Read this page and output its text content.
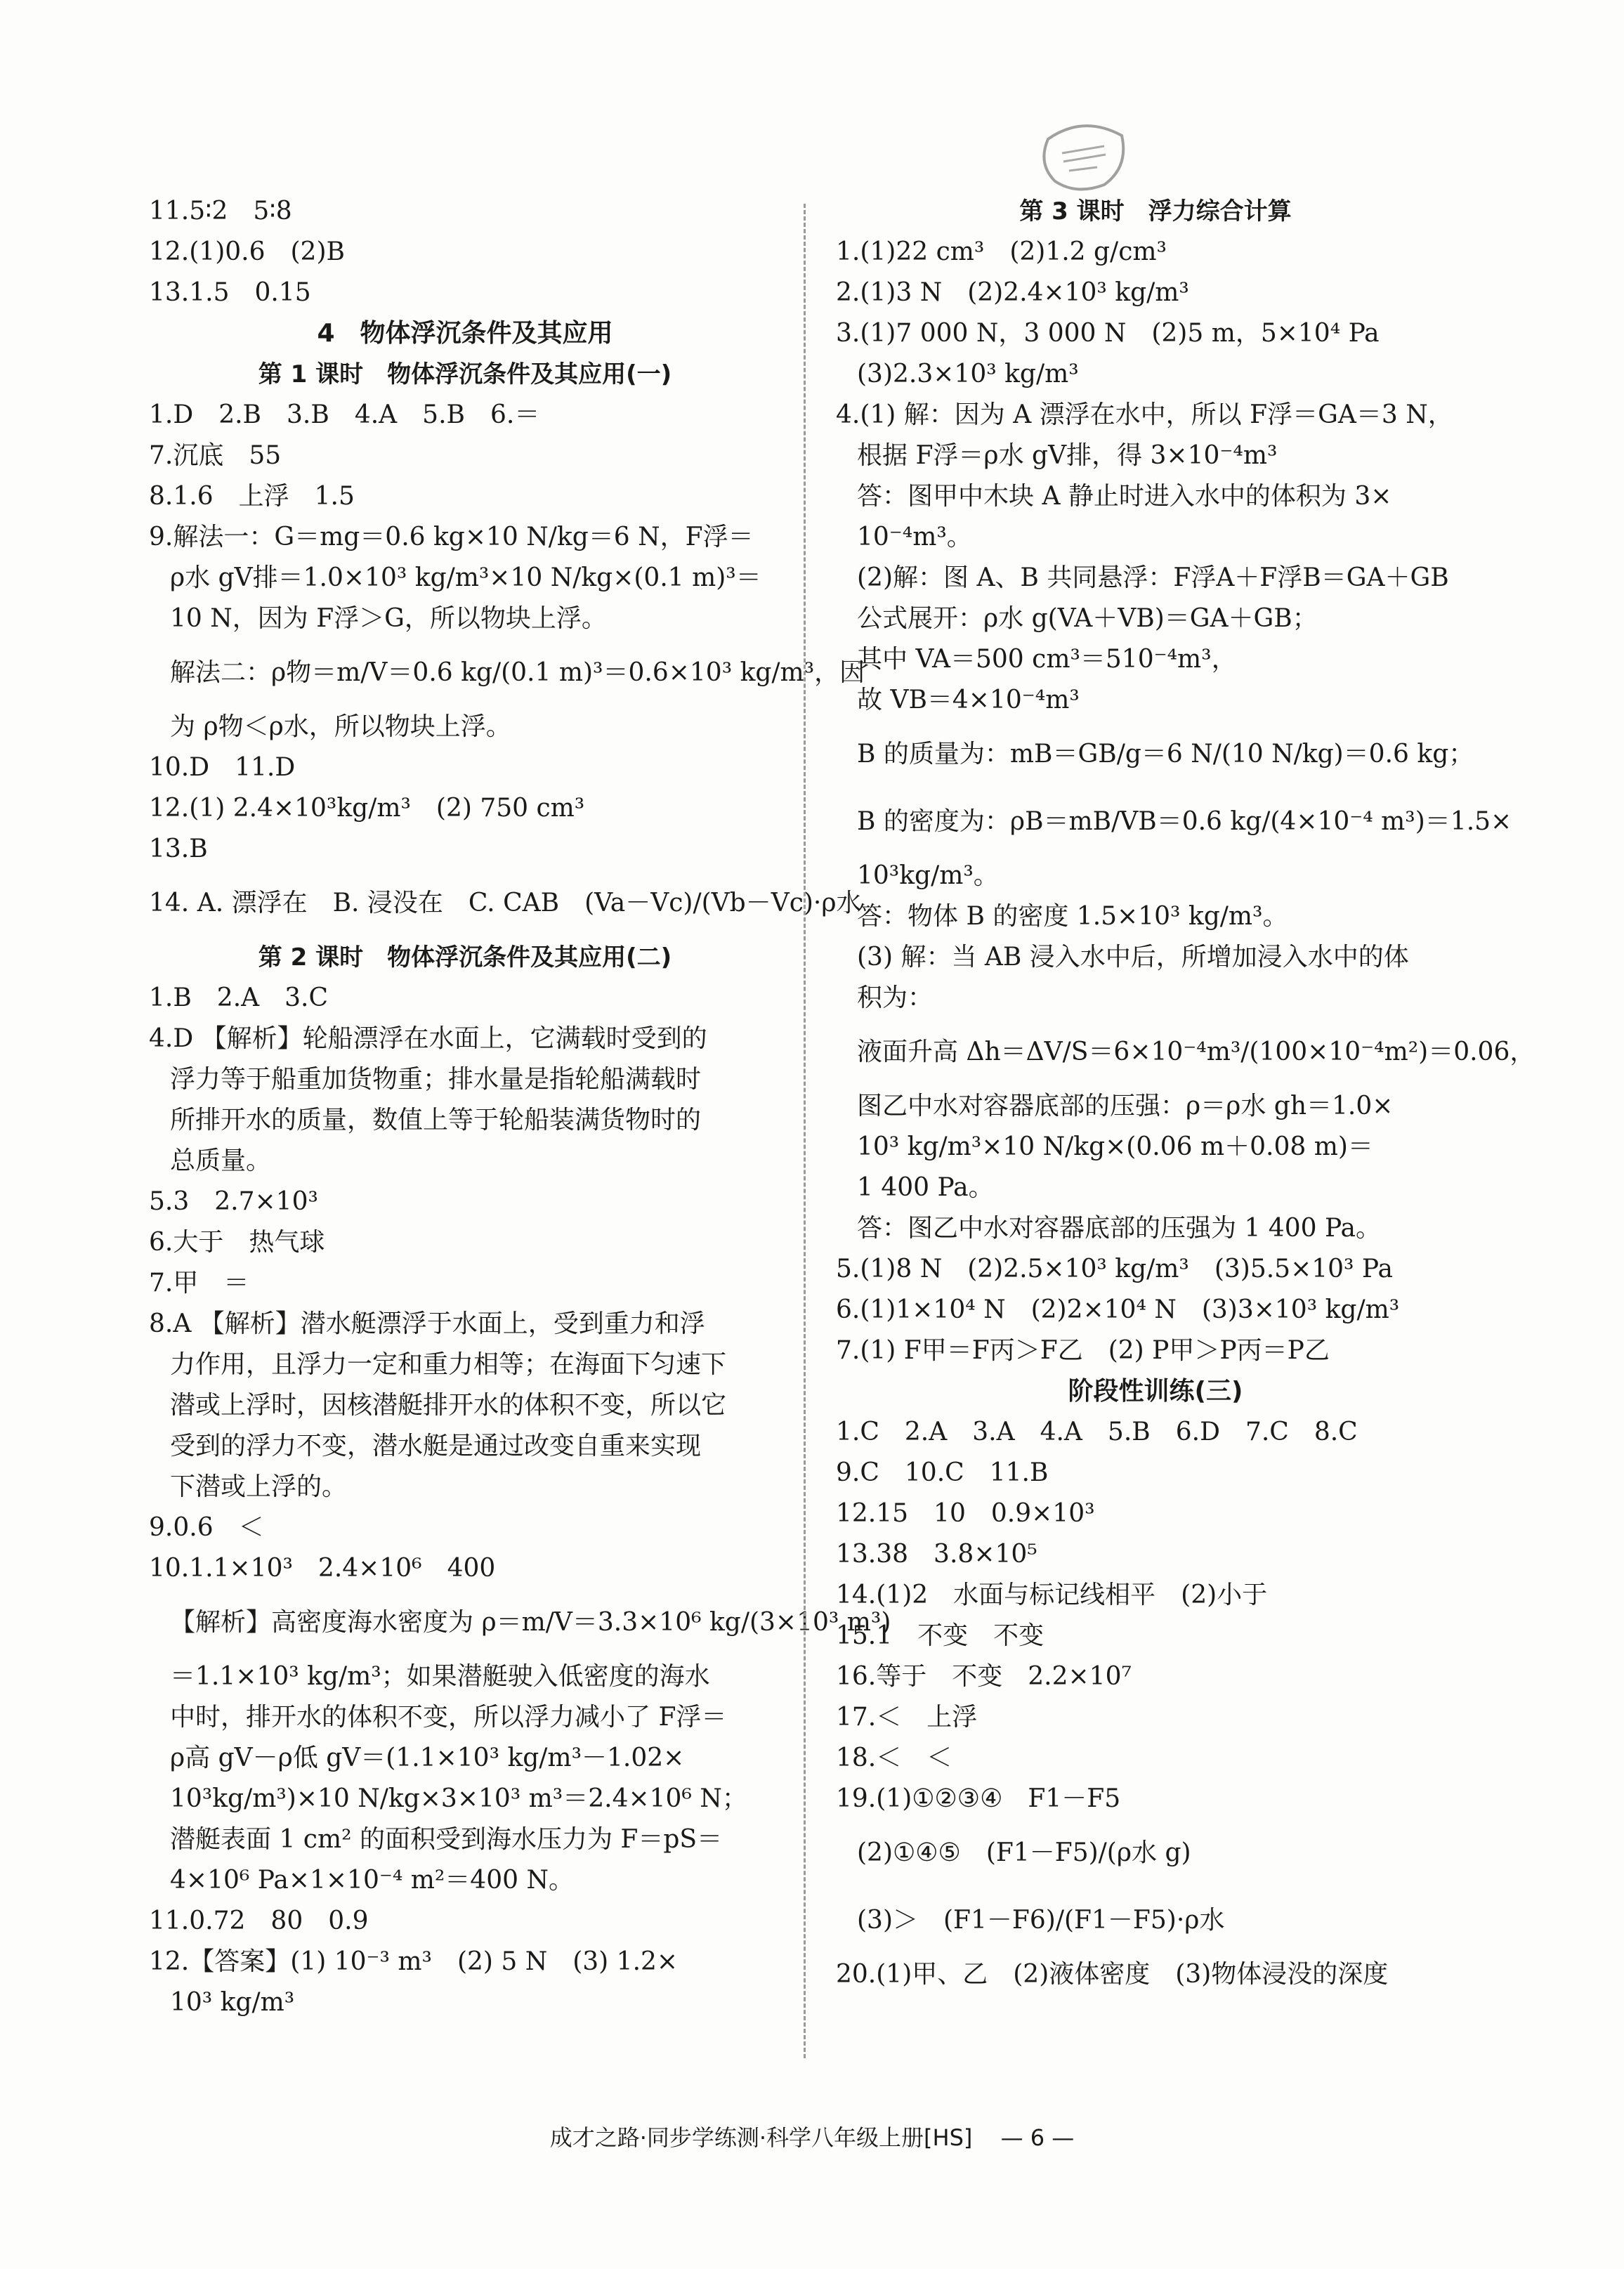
11.5∶2　5∶8
12.(1)0.6　(2)B
13.1.5　0.15
4　物体浮沉条件及其应用
第 1 课时　物体浮沉条件及其应用(一)
1.D　2.B　3.B　4.A　5.B　6.＝
7.沉底　55
8.1.6　上浮　1.5
9.解法一：G＝mg＝0.6 kg×10 N/kg＝6 N，F浮＝
ρ水 gV排＝1.0×10³ kg/m³×10 N/kg×(0.1 m)³＝
10 N，因为 F浮＞G，所以物块上浮。
解法二：ρ物＝m/V＝0.6 kg/(0.1 m)³＝0.6×10³ kg/m³，因
为 ρ物＜ρ水，所以物块上浮。
10.D　11.D
12.(1) 2.4×10³kg/m³　(2) 750 cm³
13.B
14. A. 漂浮在　B. 浸没在　C. CAB　(Va－Vc)/(Vb－Vc)·ρ水
第 2 课时　物体浮沉条件及其应用(二)
1.B　2.A　3.C
4.D 【解析】轮船漂浮在水面上，它满载时受到的
浮力等于船重加货物重；排水量是指轮船满载时
所排开水的质量，数值上等于轮船装满货物时的
总质量。
5.3　2.7×10³
6.大于　热气球
7.甲　＝
8.A 【解析】潜水艇漂浮于水面上，受到重力和浮
力作用，且浮力一定和重力相等；在海面下匀速下
潜或上浮时，因核潜艇排开水的体积不变，所以它
受到的浮力不变，潜水艇是通过改变自重来实现
下潜或上浮的。
9.0.6　＜
10.1.1×10³　2.4×10⁶　400
【解析】高密度海水密度为 ρ＝m/V＝3.3×10⁶ kg/(3×10³ m³)
＝1.1×10³ kg/m³；如果潜艇驶入低密度的海水
中时，排开水的体积不变，所以浮力减小了 F浮＝
ρ高 gV－ρ低 gV＝(1.1×10³ kg/m³－1.02×
10³kg/m³)×10 N/kg×3×10³ m³＝2.4×10⁶ N；
潜艇表面 1 cm² 的面积受到海水压力为 F＝pS＝
4×10⁶ Pa×1×10⁻⁴ m²＝400 N。
11.0.72　80　0.9
12.【答案】(1) 10⁻³ m³　(2) 5 N　(3) 1.2×
10³ kg/m³
第 3 课时　浮力综合计算
1.(1)22 cm³　(2)1.2 g/cm³
2.(1)3 N　(2)2.4×10³ kg/m³
3.(1)7 000 N，3 000 N　(2)5 m，5×10⁴ Pa
(3)2.3×10³ kg/m³
4.(1) 解：因为 A 漂浮在水中，所以 F浮＝GA＝3 N，
根据 F浮＝ρ水 gV排，得 3×10⁻⁴m³
答：图甲中木块 A 静止时进入水中的体积为 3×
10⁻⁴m³。
(2)解：图 A、B 共同悬浮：F浮A＋F浮B＝GA＋GB
公式展开：ρ水 g(VA＋VB)＝GA＋GB；
其中 VA＝500 cm³＝510⁻⁴m³，
故 VB＝4×10⁻⁴m³
B 的质量为：mB＝GB/g＝6 N/(10 N/kg)＝0.6 kg；
B 的密度为：ρB＝mB/VB＝0.6 kg/(4×10⁻⁴ m³)＝1.5×
10³kg/m³。
答：物体 B 的密度 1.5×10³ kg/m³。
(3) 解：当 AB 浸入水中后，所增加浸入水中的体
积为：
液面升高 Δh＝ΔV/S＝6×10⁻⁴m³/(100×10⁻⁴m²)＝0.06，
图乙中水对容器底部的压强：ρ＝ρ水 gh＝1.0×
10³ kg/m³×10 N/kg×(0.06 m＋0.08 m)＝
1 400 Pa。
答：图乙中水对容器底部的压强为 1 400 Pa。
5.(1)8 N　(2)2.5×10³ kg/m³　(3)5.5×10³ Pa
6.(1)1×10⁴ N　(2)2×10⁴ N　(3)3×10³ kg/m³
7.(1) F甲＝F丙＞F乙　(2) P甲＞P丙＝P乙
阶段性训练(三)
1.C　2.A　3.A　4.A　5.B　6.D　7.C　8.C
9.C　10.C　11.B
12.15　10　0.9×10³
13.38　3.8×10⁵
14.(1)2　水面与标记线相平　(2)小于
15.1　不变　不变
16.等于　不变　2.2×10⁷
17.＜　上浮
18.＜　＜
19.(1)①②③④　F1－F5
(2)①④⑤　(F1－F5)/(ρ水 g)
(3)＞　(F1－F6)/(F1－F5)·ρ水
20.(1)甲、乙　(2)液体密度　(3)物体浸没的深度
成才之路·同步学练测·科学八年级上册[HS] — 6 —
